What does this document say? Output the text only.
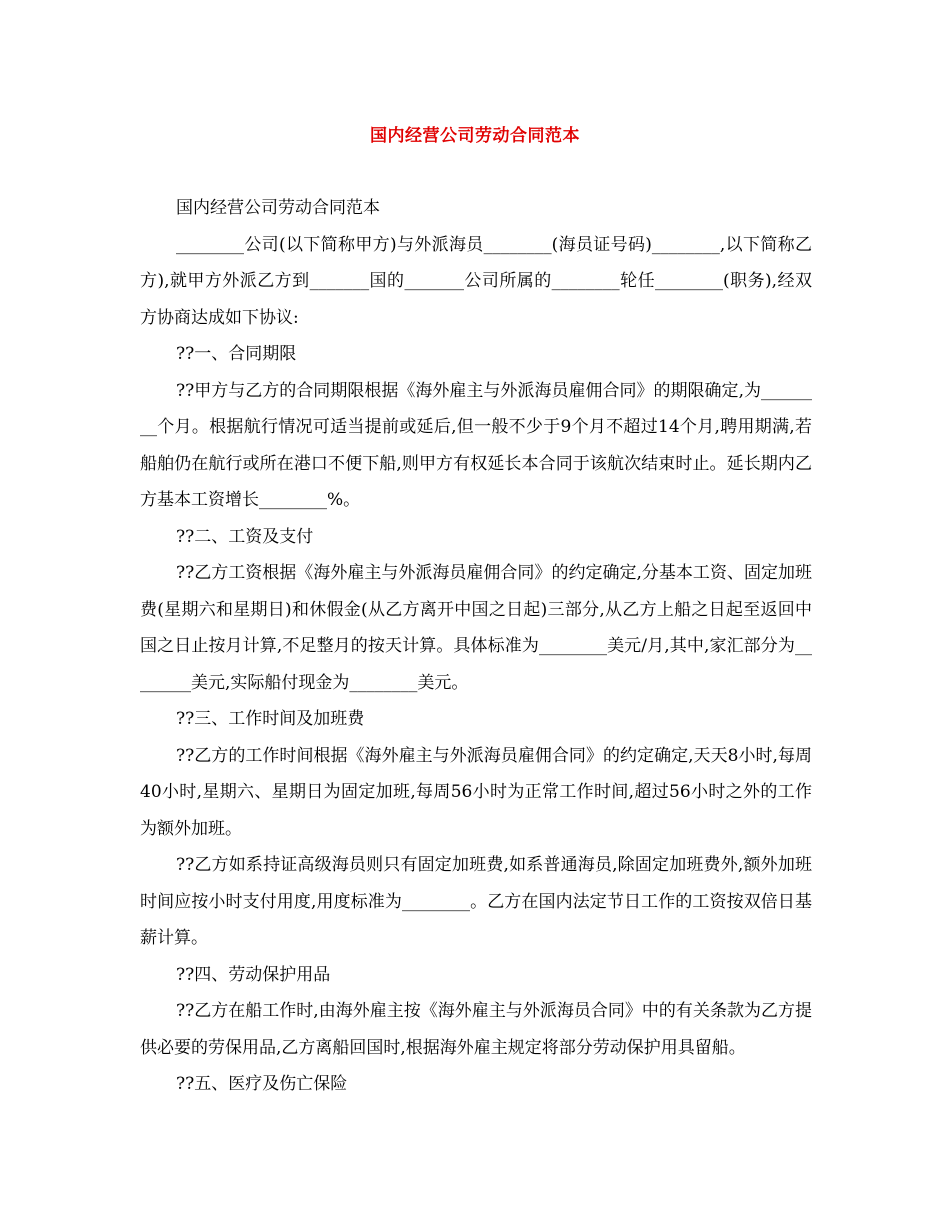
国内经营公司劳动合同范本

国内经营公司劳动合同范本

________公司(以下简称甲方)与外派海员________(海员证号码)________,以下简称乙方),就甲方外派乙方到_______国的_______公司所属的________轮任________(职务),经双方协商达成如下协议:

??一、合同期限

??甲方与乙方的合同期限根据《海外雇主与外派海员雇佣合同》的期限确定,为________个月。根据航行情况可适当提前或延后,但一般不少于9个月不超过14个月,聘用期满,若船舶仍在航行或所在港口不便下船,则甲方有权延长本合同于该航次结束时止。延长期内乙方基本工资增长________%。

??二、工资及支付

??乙方工资根据《海外雇主与外派海员雇佣合同》的约定确定,分基本工资、固定加班费(星期六和星期日)和休假金(从乙方离开中国之日起)三部分,从乙方上船之日起至返回中国之日止按月计算,不足整月的按天计算。具体标准为________美元/月,其中,家汇部分为________美元,实际船付现金为________美元。

??三、工作时间及加班费

??乙方的工作时间根据《海外雇主与外派海员雇佣合同》的约定确定,天天8小时,每周40小时,星期六、星期日为固定加班,每周56小时为正常工作时间,超过56小时之外的工作为额外加班。

??乙方如系持证高级海员则只有固定加班费,如系普通海员,除固定加班费外,额外加班时间应按小时支付用度,用度标准为________。乙方在国内法定节日工作的工资按双倍日基薪计算。

??四、劳动保护用品

??乙方在船工作时,由海外雇主按《海外雇主与外派海员合同》中的有关条款为乙方提供必要的劳保用品,乙方离船回国时,根据海外雇主规定将部分劳动保护用具留船。

??五、医疗及伤亡保险
